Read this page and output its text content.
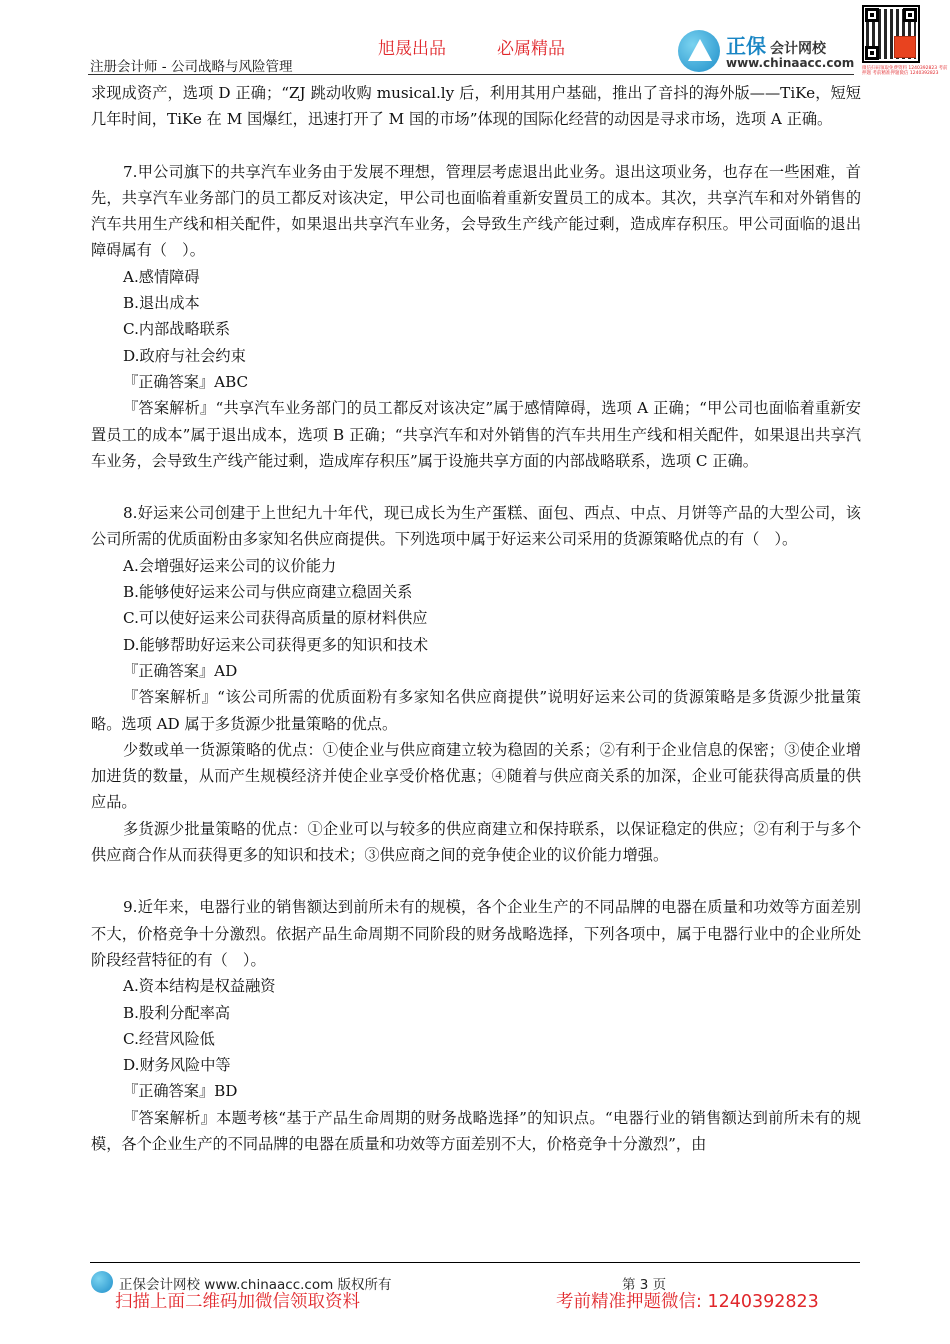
注册会计师 - 公司战略与风险管理
旭晟出品	必属精品	正保 会计网校
www.chinaacc.com 微信扫码领取免费资料 1240392823 考前押题 考前精准押题微信 1240392823

求现成资产，选项 D 正确；“ZJ 跳动收购 musical.ly 后，利用其用户基础，推出了音抖的海外版——TiKe，短短几年时间，TiKe 在 M 国爆红，迅速打开了 M 国的市场”体现的国际化经营的动因是寻求市场，选项 A 正确。

7.甲公司旗下的共享汽车业务由于发展不理想，管理层考虑退出此业务。退出这项业务，也存在一些困难，首先，共享汽车业务部门的员工都反对该决定，甲公司也面临着重新安置员工的成本。其次，共享汽车和对外销售的汽车共用生产线和相关配件，如果退出共享汽车业务，会导致生产线产能过剩，造成库存积压。甲公司面临的退出障碍属有（　）。

A.感情障碍

B.退出成本

C.内部战略联系

D.政府与社会约束

『正确答案』ABC

『答案解析』“共享汽车业务部门的员工都反对该决定”属于感情障碍，选项 A 正确；“甲公司也面临着重新安置员工的成本”属于退出成本，选项 B 正确；“共享汽车和对外销售的汽车共用生产线和相关配件，如果退出共享汽车业务，会导致生产线产能过剩，造成库存积压”属于设施共享方面的内部战略联系，选项 C 正确。

8.好运来公司创建于上世纪九十年代，现已成长为生产蛋糕、面包、西点、中点、月饼等产品的大型公司，该公司所需的优质面粉由多家知名供应商提供。下列选项中属于好运来公司采用的货源策略优点的有（　）。

A.会增强好运来公司的议价能力

B.能够使好运来公司与供应商建立稳固关系

C.可以使好运来公司获得高质量的原材料供应

D.能够帮助好运来公司获得更多的知识和技术

『正确答案』AD

『答案解析』“该公司所需的优质面粉有多家知名供应商提供”说明好运来公司的货源策略是多货源少批量策略。选项 AD 属于多货源少批量策略的优点。

少数或单一货源策略的优点：①使企业与供应商建立较为稳固的关系；②有利于企业信息的保密；③使企业增加进货的数量，从而产生规模经济并使企业享受价格优惠；④随着与供应商关系的加深，企业可能获得高质量的供应品。

多货源少批量策略的优点：①企业可以与较多的供应商建立和保持联系，以保证稳定的供应；②有利于与多个供应商合作从而获得更多的知识和技术；③供应商之间的竞争使企业的议价能力增强。

9.近年来，电器行业的销售额达到前所未有的规模，各个企业生产的不同品牌的电器在质量和功效等方面差别不大，价格竞争十分激烈。依据产品生命周期不同阶段的财务战略选择，下列各项中，属于电器行业中的企业所处阶段经营特征的有（　）。

A.资本结构是权益融资

B.股利分配率高

C.经营风险低

D.财务风险中等

『正确答案』BD

『答案解析』本题考核“基于产品生命周期的财务战略选择”的知识点。“电器行业的销售额达到前所未有的规模，各个企业生产的不同品牌的电器在质量和功效等方面差别不大，价格竞争十分激烈”，由

正保会计网校 www.chinaacc.com 版权所有	第 3 页
扫描上面二维码加微信领取资料	考前精准押题微信: 1240392823
